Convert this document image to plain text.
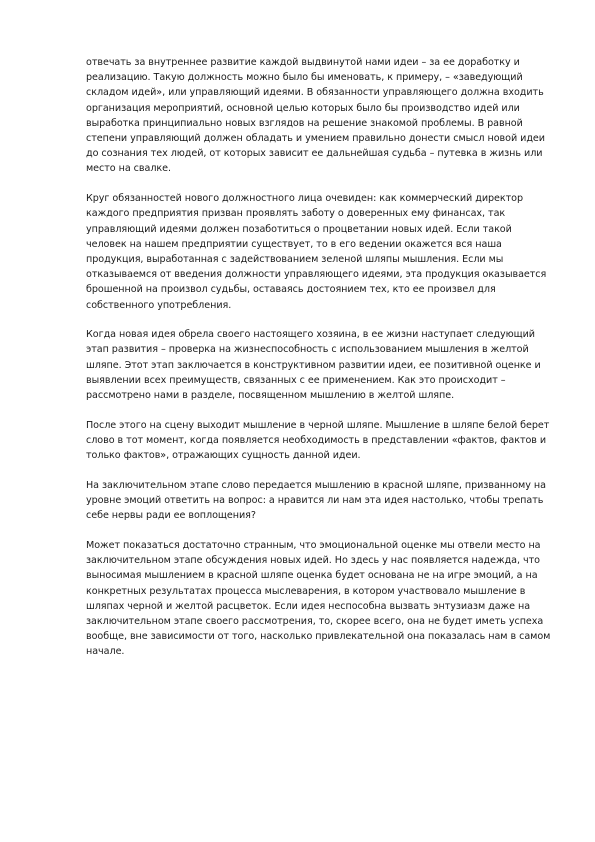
отвечать за внутреннее развитие каждой выдвинутой нами идеи – за ее доработку и реализацию. Такую должность можно было бы именовать, к примеру, – «заведующий складом идей», или управляющий идеями. В обязанности управляющего должна входить организация мероприятий, основной целью которых было бы производство идей или выработка принципиально новых взглядов на решение знакомой проблемы. В равной степени управляющий должен обладать и умением правильно донести смысл новой идеи до сознания тех людей, от которых зависит ее дальнейшая судьба – путевка в жизнь или место на свалке.

Круг обязанностей нового должностного лица очевиден: как коммерческий директор каждого предприятия призван проявлять заботу о доверенных ему финансах, так управляющий идеями должен позаботиться о процветании новых идей. Если такой человек на нашем предприятии существует, то в его ведении окажется вся наша продукция, выработанная с задействованием зеленой шляпы мышления. Если мы отказываемся от введения должности управляющего идеями, эта продукция оказывается брошенной на произвол судьбы, оставаясь достоянием тех, кто ее произвел для собственного употребления.

Когда новая идея обрела своего настоящего хозяина, в ее жизни наступает следующий этап развития – проверка на жизнеспособность с использованием мышления в желтой шляпе. Этот этап заключается в конструктивном развитии идеи, ее позитивной оценке и выявлении всех преимуществ, связанных с ее применением. Как это происходит – рассмотрено нами в разделе, посвященном мышлению в желтой шляпе.

После этого на сцену выходит мышление в черной шляпе. Мышление в шляпе белой берет слово в тот момент, когда появляется необходимость в представлении «фактов, фактов и только фактов», отражающих сущность данной идеи.

На заключительном этапе слово передается мышлению в красной шляпе, призванному на уровне эмоций ответить на вопрос: а нравится ли нам эта идея настолько, чтобы трепать себе нервы ради ее воплощения?

Может показаться достаточно странным, что эмоциональной оценке мы отвели место на заключительном этапе обсуждения новых идей. Но здесь у нас появляется надежда, что выносимая мышлением в красной шляпе оценка будет основана не на игре эмоций, а на конкретных результатах процесса мыслеварения, в котором участвовало мышление в шляпах черной и желтой расцветок. Если идея неспособна вызвать энтузиазм даже на заключительном этапе своего рассмотрения, то, скорее всего, она не будет иметь успеха вообще, вне зависимости от того, насколько привлекательной она показалась нам в самом начале.
